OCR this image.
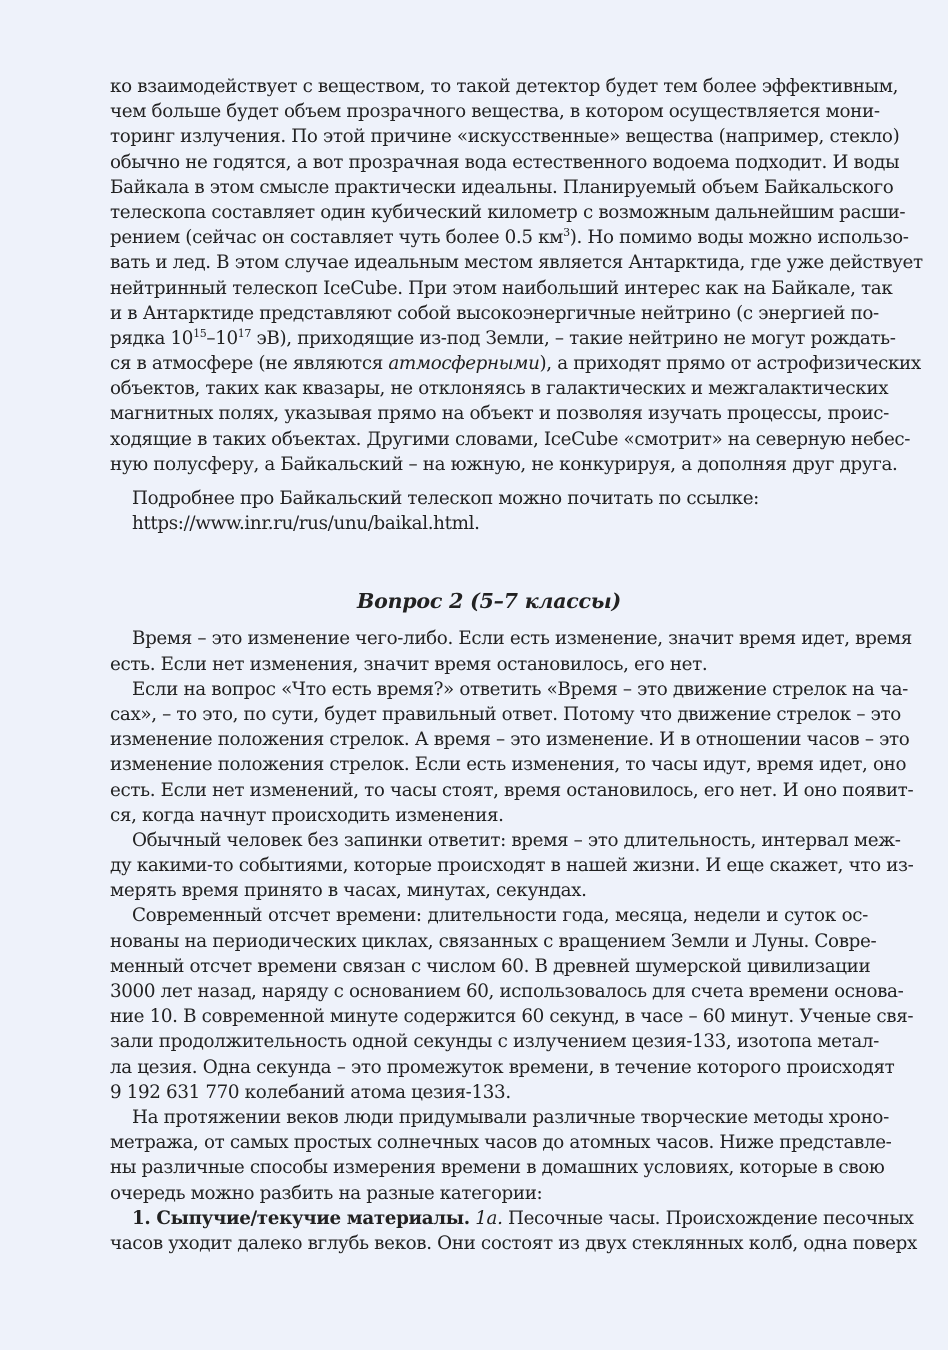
ко взаимодействует с веществом, то такой детектор будет тем более эффективным,
чем больше будет объем прозрачного вещества, в котором осуществляется мони-
торинг излучения. По этой причине «искусственные» вещества (например, стекло)
обычно не годятся, а вот прозрачная вода естественного водоема подходит. И воды
Байкала в этом смысле практически идеальны. Планируемый объем Байкальского
телескопа составляет один кубический километр с возможным дальнейшим расши-
рением (сейчас он составляет чуть более 0.5 $км^3$). Но помимо воды можно использо-
вать и лед. В этом случае идеальным местом является Антарктида, где уже действует
нейтринный телескоп IceCube. При этом наибольший интерес как на Байкале, так
и в Антарктиде представляют собой высокоэнергичные нейтрино (с энергией по-
рядка $10^{15}-10^{17}$ эВ), приходящие из-под Земли, – такие нейтрино не могут рождать-
ся в атмосфере (не являются атмосферными), а приходят прямо от астрофизических
объектов, таких как квазары, не отклоняясь в галактических и межгалактических
магнитных полях, указывая прямо на объект и позволяя изучать процессы, проис-
ходящие в таких объектах. Другими словами, IceCube «смотрит» на северную небес-
ную полусферу, а Байкальский – на южную, не конкурируя, а дополняя друг друга.
Подробнее про Байкальский телескоп можно почитать по ссылке:
https://www.inr.ru/rus/unu/baikal.html.
Вопрос 2 (5–7 классы)
Время – это изменение чего-либо. Если есть изменение, значит время идет, время
есть. Если нет изменения, значит время остановилось, его нет.
Если на вопрос «Что есть время?» ответить «Время – это движение стрелок на ча-
сах», – то это, по сути, будет правильный ответ. Потому что движение стрелок – это
изменение положения стрелок. А время – это изменение. И в отношении часов – это
изменение положения стрелок. Если есть изменения, то часы идут, время идет, оно
есть. Если нет изменений, то часы стоят, время остановилось, его нет. И оно появит-
ся, когда начнут происходить изменения.
Обычный человек без запинки ответит: время – это длительность, интервал меж-
ду какими-то событиями, которые происходят в нашей жизни. И еще скажет, что из-
мерять время принято в часах, минутах, секундах.
Современный отсчет времени: длительности года, месяца, недели и суток ос-
нованы на периодических циклах, связанных с вращением Земли и Луны. Совре-
менный отсчет времени связан с числом 60. В древней шумерской цивилизации
3000 лет назад, наряду с основанием 60, использовалось для счета времени основа-
ние 10. В современной минуте содержится 60 секунд, в часе – 60 минут. Ученые свя-
зали продолжительность одной секунды с излучением цезия-133, изотопа метал-
ла цезия. Одна секунда – это промежуток времени, в течение которого происходят
9 192 631 770 колебаний атома цезия-133.
На протяжении веков люди придумывали различные творческие методы хроно-
метража, от самых простых солнечных часов до атомных часов. Ниже представле-
ны различные способы измерения времени в домашних условиях, которые в свою
очередь можно разбить на разные категории:
1. Сыпучие/текучие материалы. 1а. Песочные часы. Происхождение песочных
часов уходит далеко вглубь веков. Они состоят из двух стеклянных колб, одна поверх
